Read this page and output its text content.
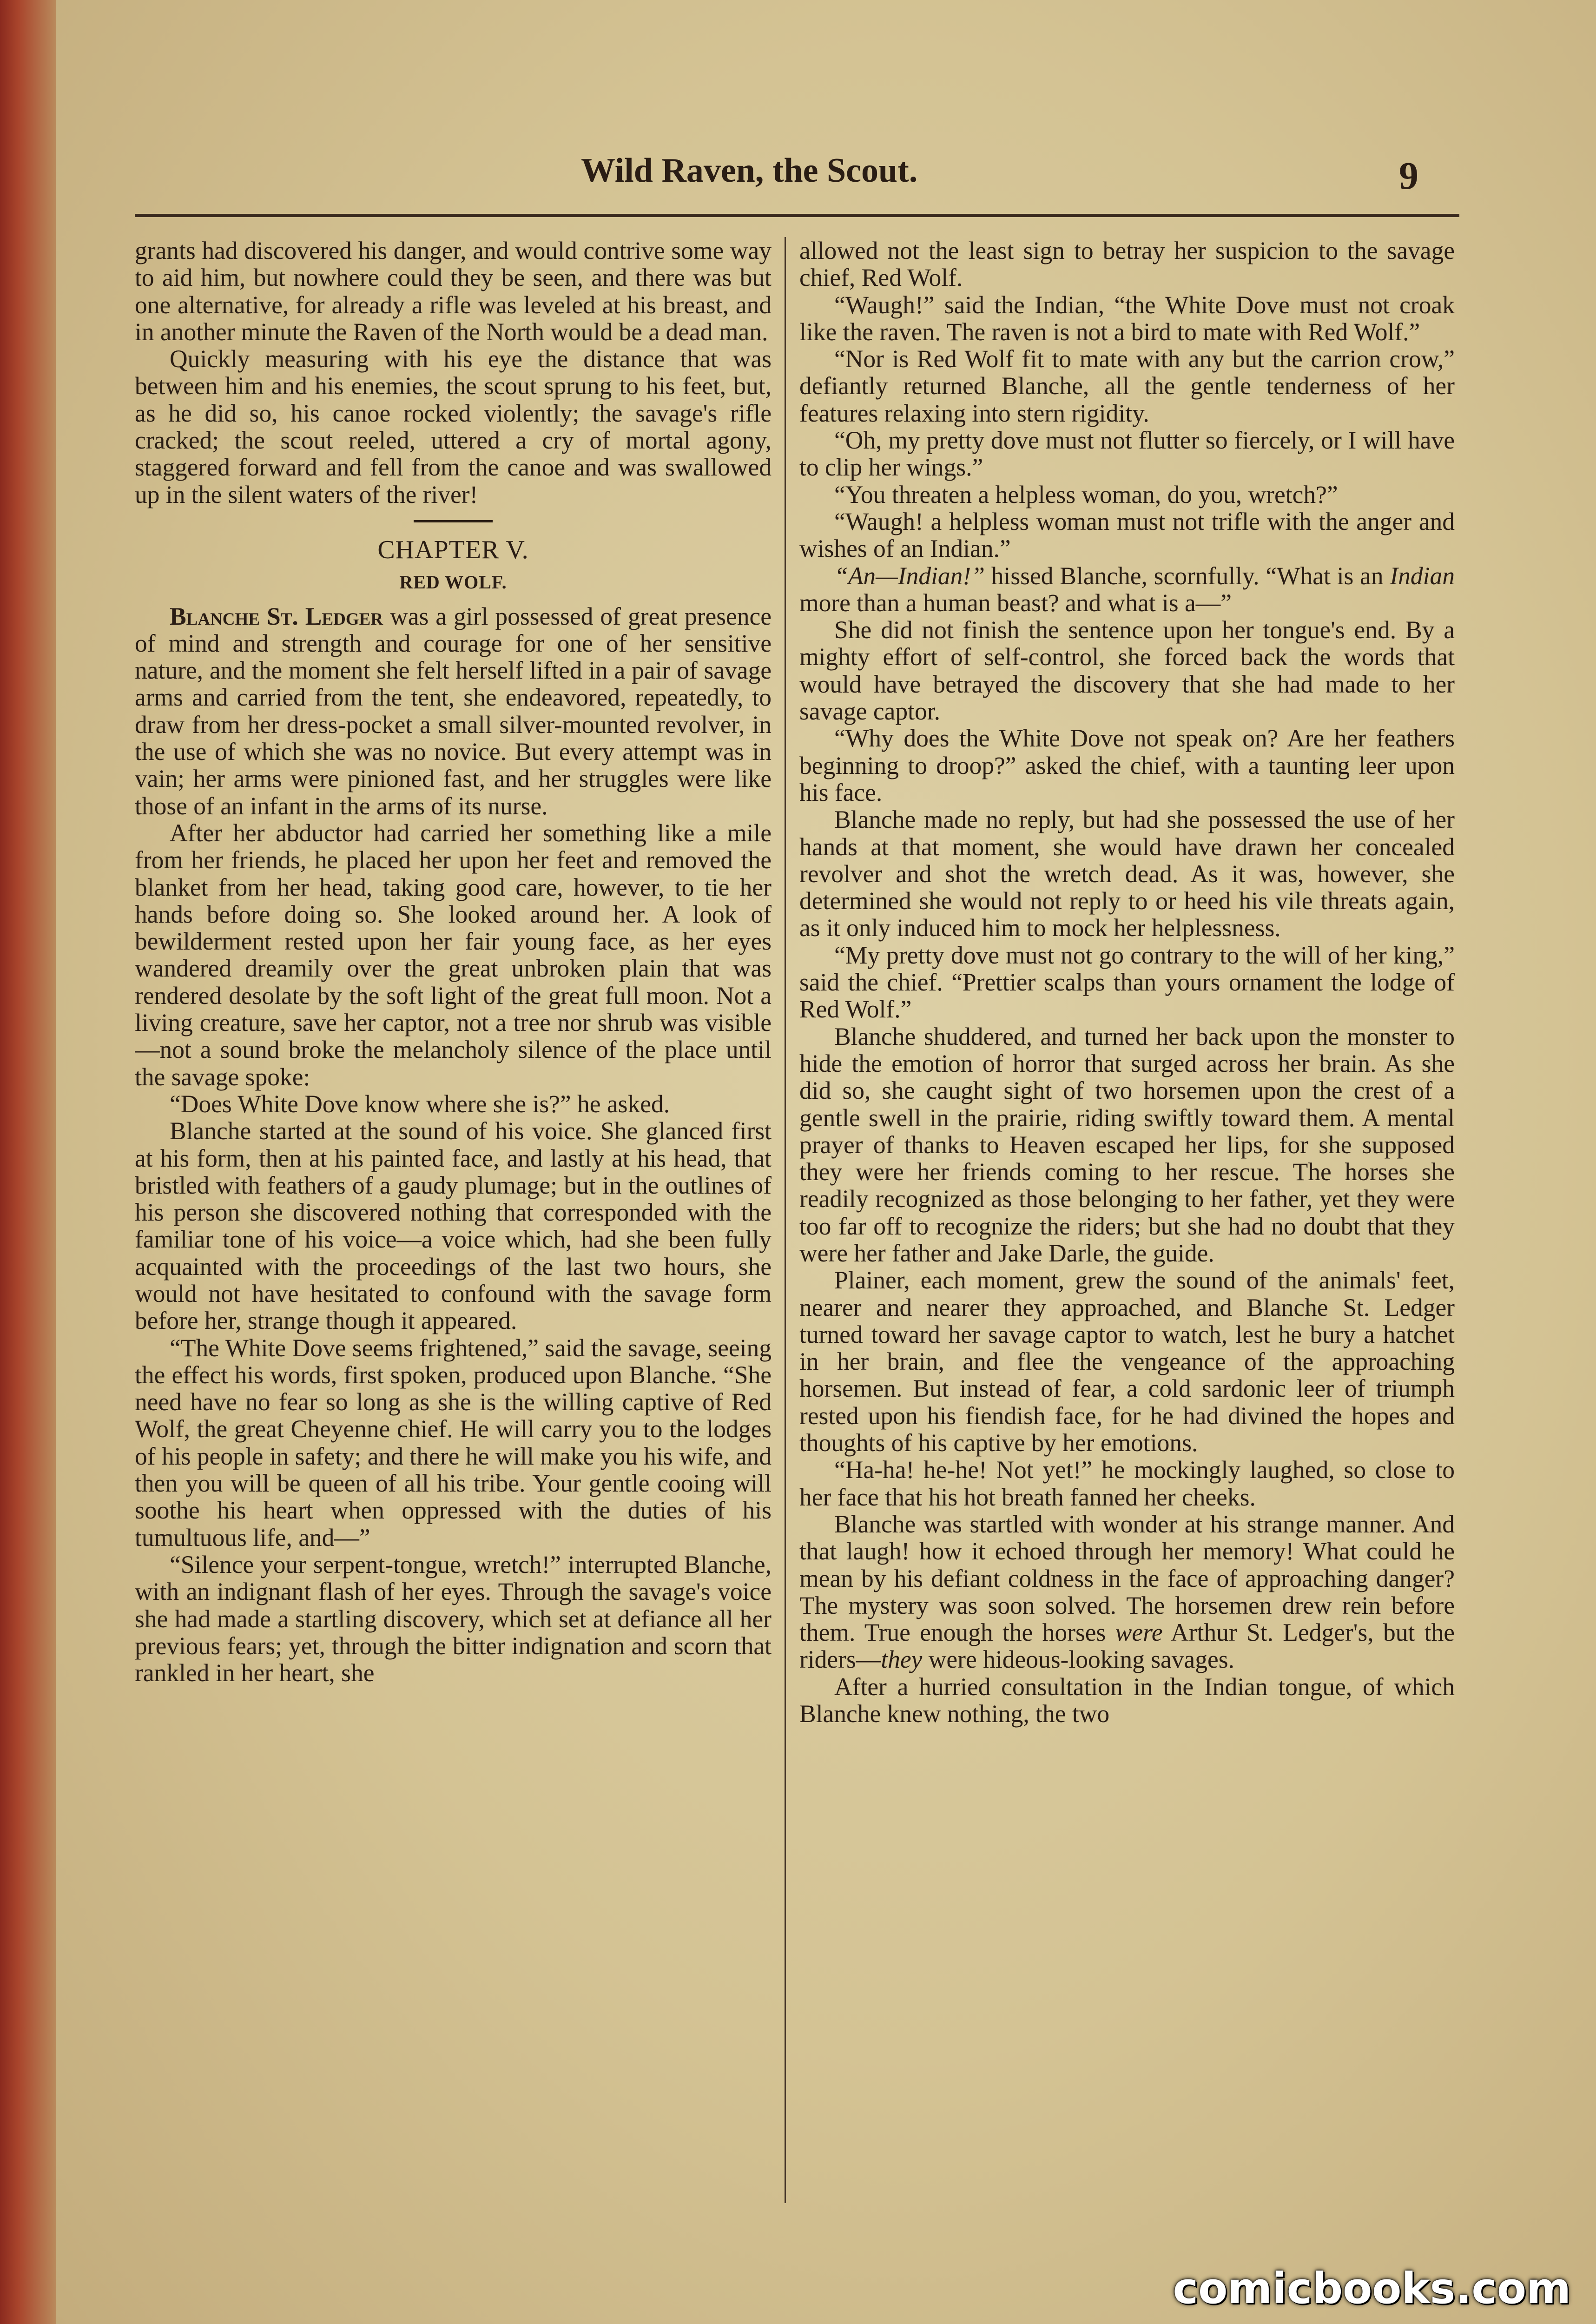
Wild Raven, the Scout.	9

grants had discovered his danger, and would contrive some way to aid him, but nowhere could they be seen, and there was but one alternative, for already a rifle was leveled at his breast, and in another minute the Raven of the North would be a dead man.

Quickly measuring with his eye the distance that was between him and his enemies, the scout sprung to his feet, but, as he did so, his canoe rocked violently; the savage's rifle cracked; the scout reeled, uttered a cry of mortal agony, staggered forward and fell from the canoe and was swallowed up in the silent waters of the river!

CHAPTER V.
RED WOLF.

Blanche St. Ledger was a girl possessed of great presence of mind and strength and courage for one of her sensitive nature, and the moment she felt herself lifted in a pair of savage arms and carried from the tent, she endeavored, repeatedly, to draw from her dress-pocket a small silver-mounted revolver, in the use of which she was no novice. But every attempt was in vain; her arms were pinioned fast, and her struggles were like those of an infant in the arms of its nurse.

After her abductor had carried her something like a mile from her friends, he placed her upon her feet and removed the blanket from her head, taking good care, however, to tie her hands before doing so. She looked around her. A look of bewilderment rested upon her fair young face, as her eyes wandered dreamily over the great unbroken plain that was rendered desolate by the soft light of the great full moon. Not a living creature, save her captor, not a tree nor shrub was visible—not a sound broke the melancholy silence of the place until the savage spoke:

“Does White Dove know where she is?” he asked.

Blanche started at the sound of his voice. She glanced first at his form, then at his painted face, and lastly at his head, that bristled with feathers of a gaudy plumage; but in the outlines of his person she discovered nothing that corresponded with the familiar tone of his voice—a voice which, had she been fully acquainted with the proceedings of the last two hours, she would not have hesitated to confound with the savage form before her, strange though it appeared.

“The White Dove seems frightened,” said the savage, seeing the effect his words, first spoken, produced upon Blanche. “She need have no fear so long as she is the willing captive of Red Wolf, the great Cheyenne chief. He will carry you to the lodges of his people in safety; and there he will make you his wife, and then you will be queen of all his tribe. Your gentle cooing will soothe his heart when oppressed with the duties of his tumultuous life, and—”

“Silence your serpent-tongue, wretch!” interrupted Blanche, with an indignant flash of her eyes. Through the savage's voice she had made a startling discovery, which set at defiance all her previous fears; yet, through the bitter indignation and scorn that rankled in her heart, she

allowed not the least sign to betray her suspicion to the savage chief, Red Wolf.

“Waugh!” said the Indian, “the White Dove must not croak like the raven. The raven is not a bird to mate with Red Wolf.”

“Nor is Red Wolf fit to mate with any but the carrion crow,” defiantly returned Blanche, all the gentle tenderness of her features relaxing into stern rigidity.

“Oh, my pretty dove must not flutter so fiercely, or I will have to clip her wings.”

“You threaten a helpless woman, do you, wretch?”

“Waugh! a helpless woman must not trifle with the anger and wishes of an Indian.”

“An—Indian!” hissed Blanche, scornfully. “What is an Indian more than a human beast? and what is a—”

She did not finish the sentence upon her tongue's end. By a mighty effort of self-control, she forced back the words that would have betrayed the discovery that she had made to her savage captor.

“Why does the White Dove not speak on? Are her feathers beginning to droop?” asked the chief, with a taunting leer upon his face.

Blanche made no reply, but had she possessed the use of her hands at that moment, she would have drawn her concealed revolver and shot the wretch dead. As it was, however, she determined she would not reply to or heed his vile threats again, as it only induced him to mock her helplessness.

“My pretty dove must not go contrary to the will of her king,” said the chief. “Prettier scalps than yours ornament the lodge of Red Wolf.”

Blanche shuddered, and turned her back upon the monster to hide the emotion of horror that surged across her brain. As she did so, she caught sight of two horsemen upon the crest of a gentle swell in the prairie, riding swiftly toward them. A mental prayer of thanks to Heaven escaped her lips, for she supposed they were her friends coming to her rescue. The horses she readily recognized as those belonging to her father, yet they were too far off to recognize the riders; but she had no doubt that they were her father and Jake Darle, the guide.

Plainer, each moment, grew the sound of the animals' feet, nearer and nearer they approached, and Blanche St. Ledger turned toward her savage captor to watch, lest he bury a hatchet in her brain, and flee the vengeance of the approaching horsemen. But instead of fear, a cold sardonic leer of triumph rested upon his fiendish face, for he had divined the hopes and thoughts of his captive by her emotions.

“Ha-ha! he-he! Not yet!” he mockingly laughed, so close to her face that his hot breath fanned her cheeks.

Blanche was startled with wonder at his strange manner. And that laugh! how it echoed through her memory! What could he mean by his defiant coldness in the face of approaching danger? The mystery was soon solved. The horsemen drew rein before them. True enough the horses were Arthur St. Ledger's, but the riders—they were hideous-looking savages.

After a hurried consultation in the Indian tongue, of which Blanche knew nothing, the two

comicbooks.com
